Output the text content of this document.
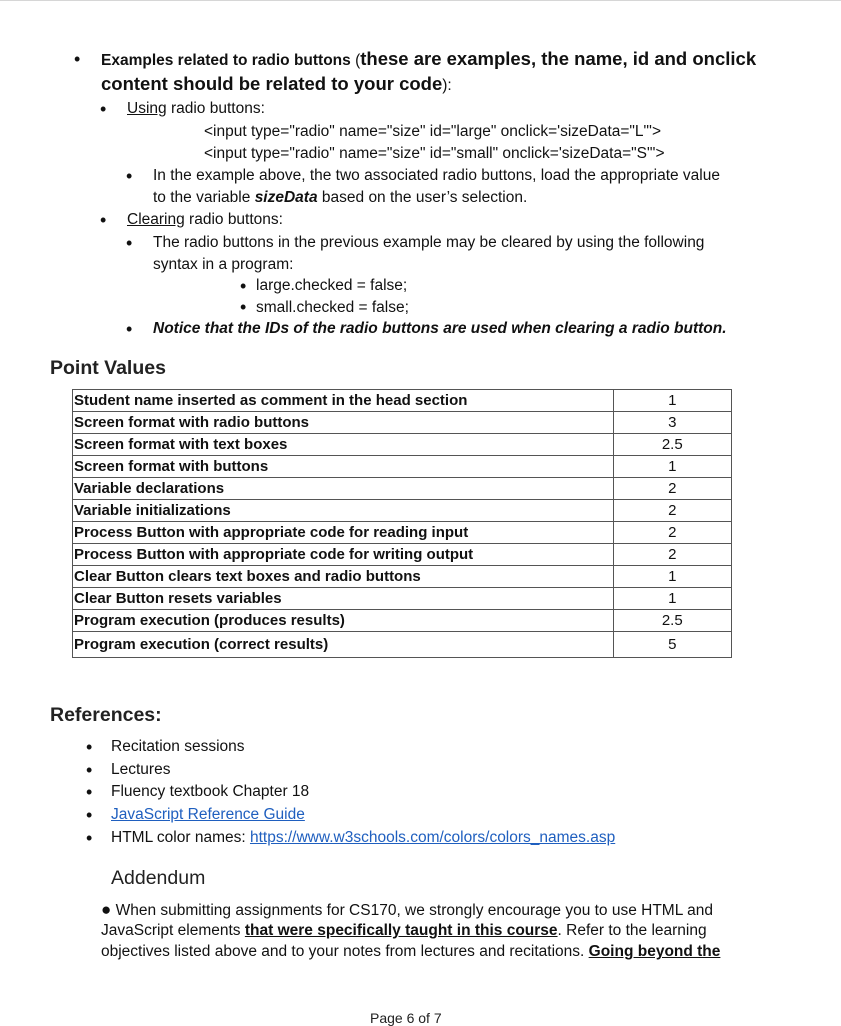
• Examples related to radio buttons (these are examples, the name, id and onclick
content should be related to your code):
• Using radio buttons:
<input type="radio" name="size" id="large" onclick='sizeData="L"'>
<input type="radio" name="size" id="small" onclick='sizeData="S"'>
• In the example above, the two associated radio buttons, load the appropriate value
to the variable sizeData based on the user’s selection.
• Clearing radio buttons:
• The radio buttons in the previous example may be cleared by using the following
syntax in a program:
• large.checked = false;
• small.checked = false;
• Notice that the IDs of the radio buttons are used when clearing a radio button.
Point Values
Student name inserted as comment in the head section	1
Screen format with radio buttons	3
Screen format with text boxes	2.5
Screen format with buttons	1
Variable declarations	2
Variable initializations	2
Process Button with appropriate code for reading input	2
Process Button with appropriate code for writing output	2
Clear Button clears text boxes and radio buttons	1
Clear Button resets variables	1
Program execution (produces results)	2.5
Program execution (correct results)	5
References:
• Recitation sessions
• Lectures
• Fluency textbook Chapter 18
• JavaScript Reference Guide
• HTML color names: https://www.w3schools.com/colors/colors_names.asp
Addendum
● When submitting assignments for CS170, we strongly encourage you to use HTML and
JavaScript elements that were specifically taught in this course. Refer to the learning
objectives listed above and to your notes from lectures and recitations. Going beyond the
Page 6 of 7
